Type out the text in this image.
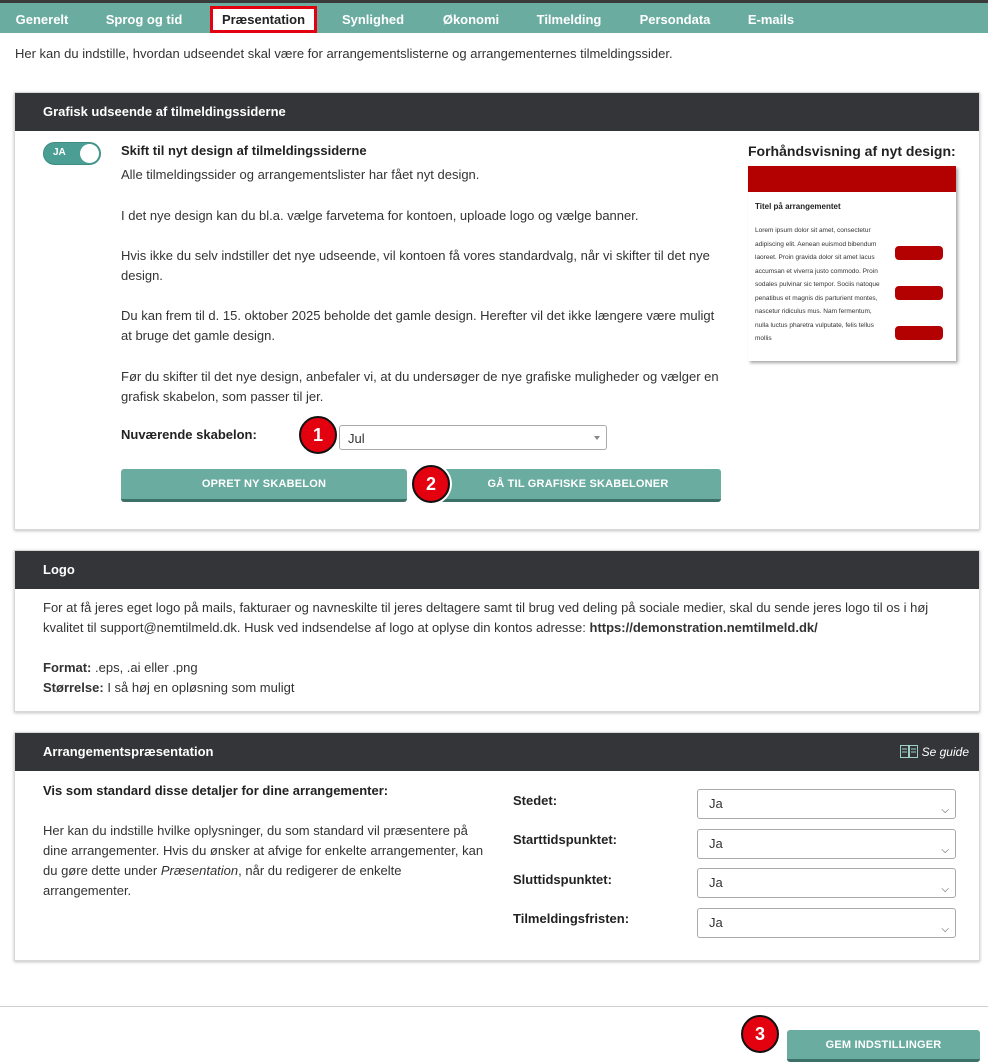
Generelt	Sprog og tid	Præsentation	Synlighed	Økonomi	Tilmelding	Persondata	E-mails
Her kan du indstille, hvordan udseendet skal være for arrangementslisterne og arrangementernes tilmeldingssider.
Grafisk udseende af tilmeldingssiderne
JA	Skift til nyt design af tilmeldingssiderne
Alle tilmeldingssider og arrangementslister har fået nyt design.
I det nye design kan du bl.a. vælge farvetema for kontoen, uploade logo og vælge banner.
Hvis ikke du selv indstiller det nye udseende, vil kontoen få vores standardvalg, når vi skifter til det nye design.
Du kan frem til d. 15. oktober 2025 beholde det gamle design. Herefter vil det ikke længere være muligt at bruge det gamle design.
Før du skifter til det nye design, anbefaler vi, at du undersøger de nye grafiske muligheder og vælger en grafisk skabelon, som passer til jer.
Nuværende skabelon:	Jul
OPRET NY SKABELON	GÅ TIL GRAFISKE SKABELONER
1
2
Forhåndsvisning af nyt design:
Titel på arrangementet
Lorem ipsum dolor sit amet, consectetur adipiscing elit. Aenean euismod bibendum laoreet. Proin gravida dolor sit amet lacus accumsan et viverra justo commodo. Proin sodales pulvinar sic tempor. Sociis natoque penatibus et magnis dis parturient montes, nascetur ridiculus mus. Nam fermentum, nulla luctus pharetra vulputate, felis tellus mollis
Logo
For at få jeres eget logo på mails, fakturaer og navneskilte til jeres deltagere samt til brug ved deling på sociale medier, skal du sende jeres logo til os i høj kvalitet til support@nemtilmeld.dk. Husk ved indsendelse af logo at oplyse din kontos adresse: https://demonstration.nemtilmeld.dk/
Format: .eps, .ai eller .png
Størrelse: I så høj en opløsning som muligt
Arrangementspræsentation	Se guide
Vis som standard disse detaljer for dine arrangementer:
Her kan du indstille hvilke oplysninger, du som standard vil præsentere på dine arrangementer. Hvis du ønsker at afvige for enkelte arrangementer, kan du gøre dette under Præsentation, når du redigerer de enkelte arrangementer.
Stedet:	Ja	⌵
Starttidspunktet:	Ja	⌵
Sluttidspunktet:	Ja	⌵
Tilmeldingsfristen:	Ja	⌵
3
GEM INDSTILLINGER
